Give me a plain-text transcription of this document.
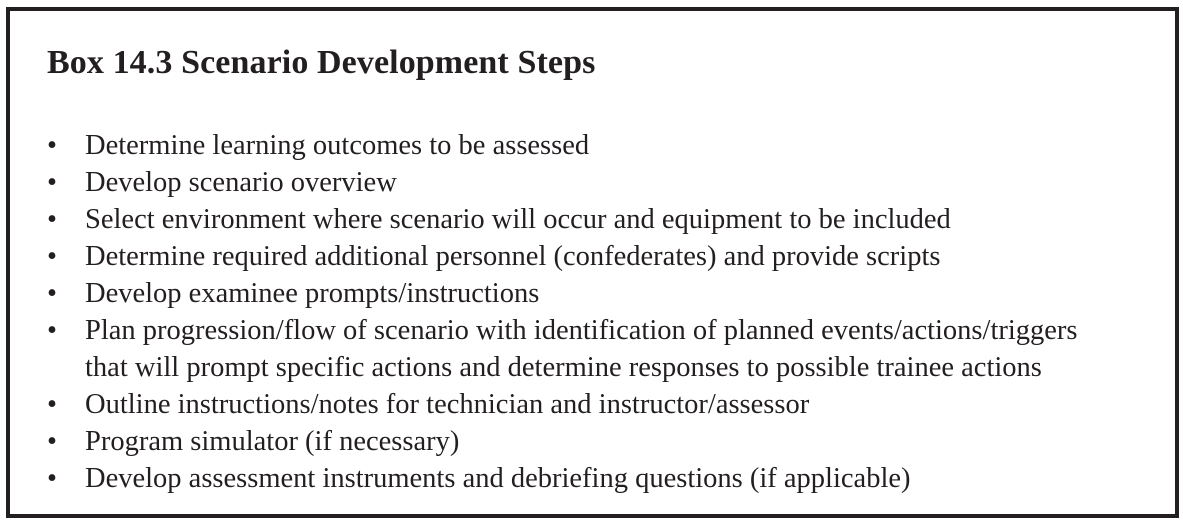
Box 14.3 Scenario Development Steps
• Determine learning outcomes to be assessed
• Develop scenario overview
• Select environment where scenario will occur and equipment to be included
• Determine required additional personnel (confederates) and provide scripts
• Develop examinee prompts/instructions
• Plan progression/flow of scenario with identification of planned events/actions/triggers
that will prompt specific actions and determine responses to possible trainee actions
• Outline instructions/notes for technician and instructor/assessor
• Program simulator (if necessary)
• Develop assessment instruments and debriefing questions (if applicable)
